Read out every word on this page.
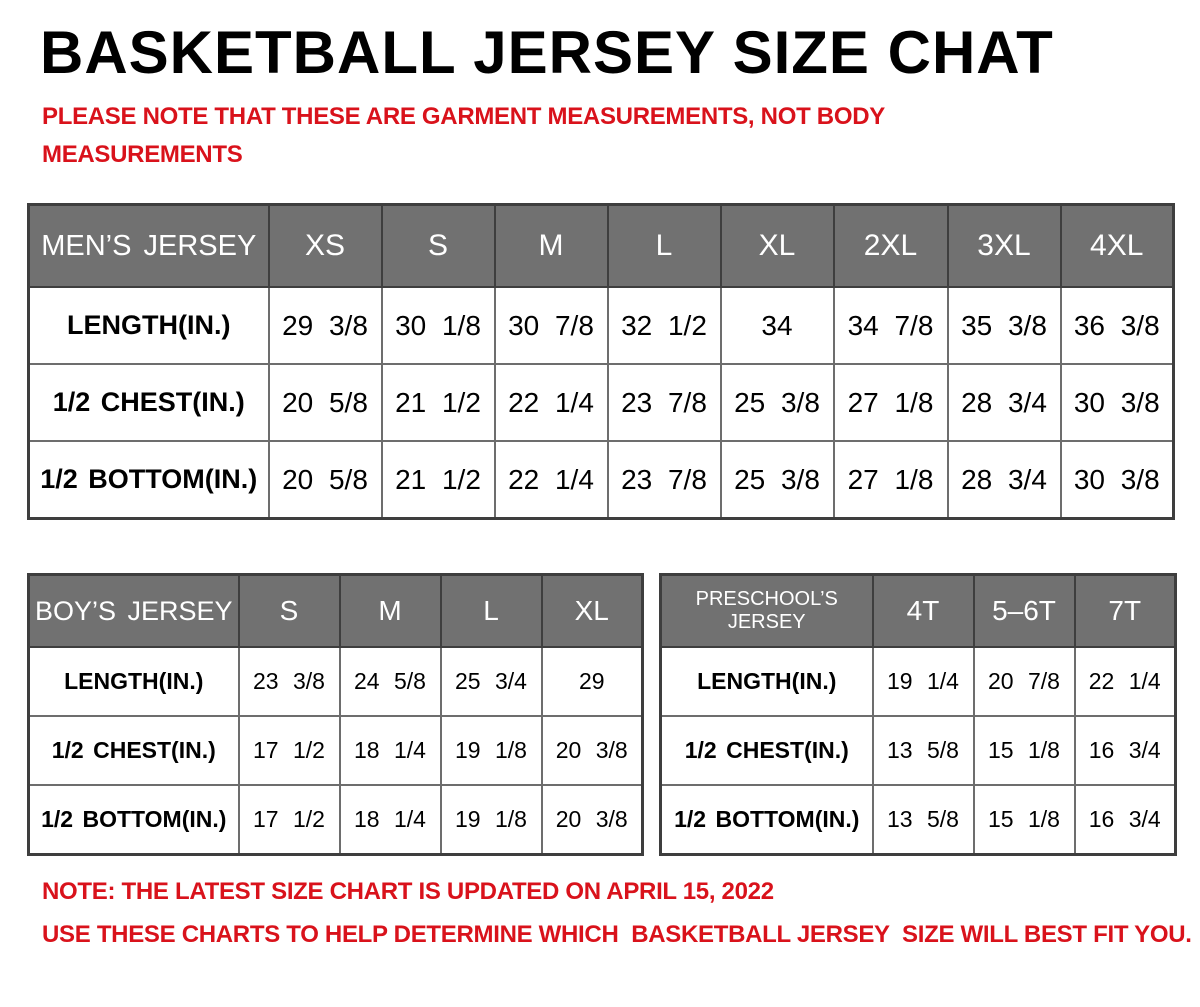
BASKETBALL JERSEY SIZE CHAT

PLEASE NOTE THAT THESE ARE GARMENT MEASUREMENTS, NOT BODY MEASUREMENTS

MEN’S JERSEY	XS	S	M	L	XL	2XL	3XL	4XL
LENGTH(IN.)	29 3/8	30 1/8	30 7/8	32 1/2	34	34 7/8	35 3/8	36 3/8
1/2 CHEST(IN.)	20 5/8	21 1/2	22 1/4	23 7/8	25 3/8	27 1/8	28 3/4	30 3/8
1/2 BOTTOM(IN.)	20 5/8	21 1/2	22 1/4	23 7/8	25 3/8	27 1/8	28 3/4	30 3/8
BOY’S JERSEY	S	M	L	XL
LENGTH(IN.)	23 3/8	24 5/8	25 3/4	29
1/2 CHEST(IN.)	17 1/2	18 1/4	19 1/8	20 3/8
1/2 BOTTOM(IN.)	17 1/2	18 1/4	19 1/8	20 3/8
PRESCHOOL’S JERSEY	4T	5–6T	7T
LENGTH(IN.)	19 1/4	20 7/8	22 1/4
1/2 CHEST(IN.)	13 5/8	15 1/8	16 3/4
1/2 BOTTOM(IN.)	13 5/8	15 1/8	16 3/4

NOTE: THE LATEST SIZE CHART IS UPDATED ON APRIL 15, 2022

USE THESE CHARTS TO HELP DETERMINE WHICH  BASKETBALL JERSEY  SIZE WILL BEST FIT YOU.
